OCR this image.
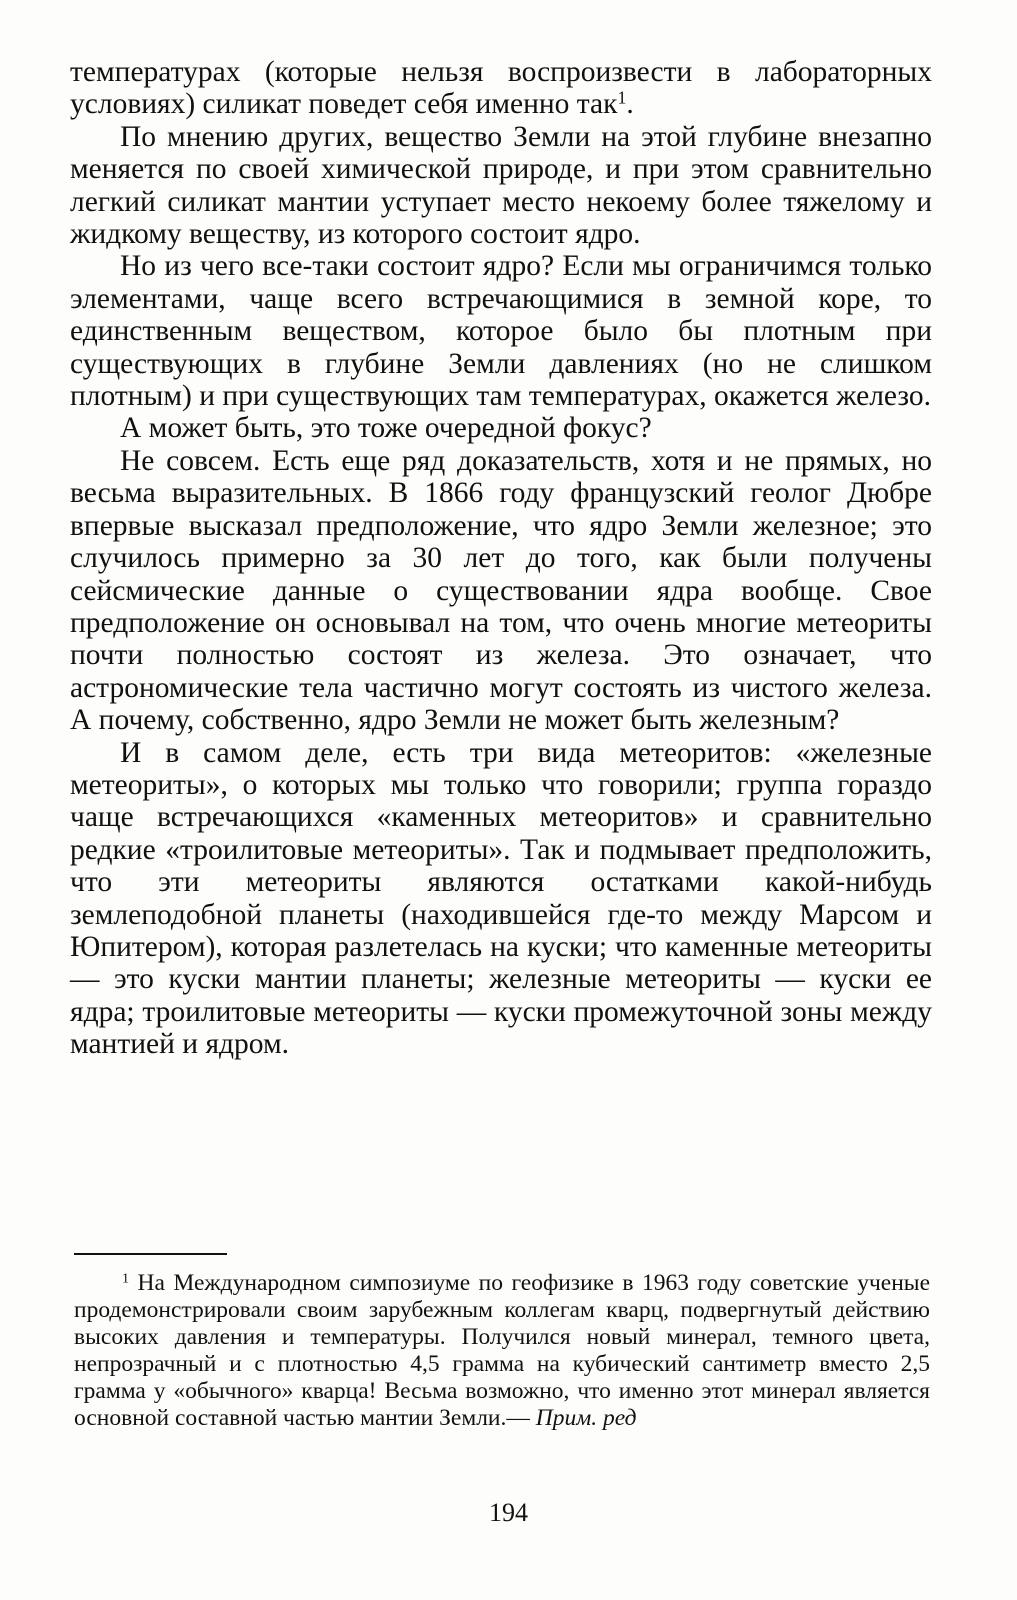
температурах (которые нельзя воспроизвести в лабораторных условиях) силикат поведет себя именно так$^1$.

По мнению других, вещество Земли на этой глубине внезапно меняется по своей химической природе, и при этом сравнительно легкий силикат мантии уступает место некоему более тяжелому и жидкому веществу, из которого состоит ядро.

Но из чего все-таки состоит ядро? Если мы ограничимся только элементами, чаще всего встречающимися в земной коре, то единственным веществом, которое было бы плотным при существующих в глубине Земли давлениях (но не слишком плотным) и при существующих там температурах, окажется железо.

А может быть, это тоже очередной фокус?

Не совсем. Есть еще ряд доказательств, хотя и не прямых, но весьма выразительных. В 1866 году французский геолог Дюбре впервые высказал предположение, что ядро Земли железное; это случилось примерно за 30 лет до того, как были получены сейсмические данные о существовании ядра вообще. Свое предположение он основывал на том, что очень многие метеориты почти полностью состоят из железа. Это означает, что астрономические тела частично могут состоять из чистого железа. А почему, собственно, ядро Земли не может быть железным?

И в самом деле, есть три вида метеоритов: «железные метеориты», о которых мы только что говорили; группа гораздо чаще встречающихся «каменных метеоритов» и сравнительно редкие «троилитовые метеориты». Так и подмывает предположить, что эти метеориты являются остатками какой-нибудь землеподобной планеты (находившейся где-то между Марсом и Юпитером), которая разлетелась на куски; что каменные метеориты — это куски мантии планеты; железные метеориты — куски ее ядра; троилитовые метеориты — куски промежуточной зоны между мантией и ядром.

$^1$ На Международном симпозиуме по геофизике в 1963 году советские ученые продемонстрировали своим зарубежным коллегам кварц, подвергнутый действию высоких давления и температуры. Получился новый минерал, темного цвета, непрозрачный и с плотностью 4,5 грамма на кубический сантиметр вместо 2,5 грамма у «обычного» кварца! Весьма возможно, что именно этот минерал является основной составной частью мантии Земли.— Прим. ред

194
